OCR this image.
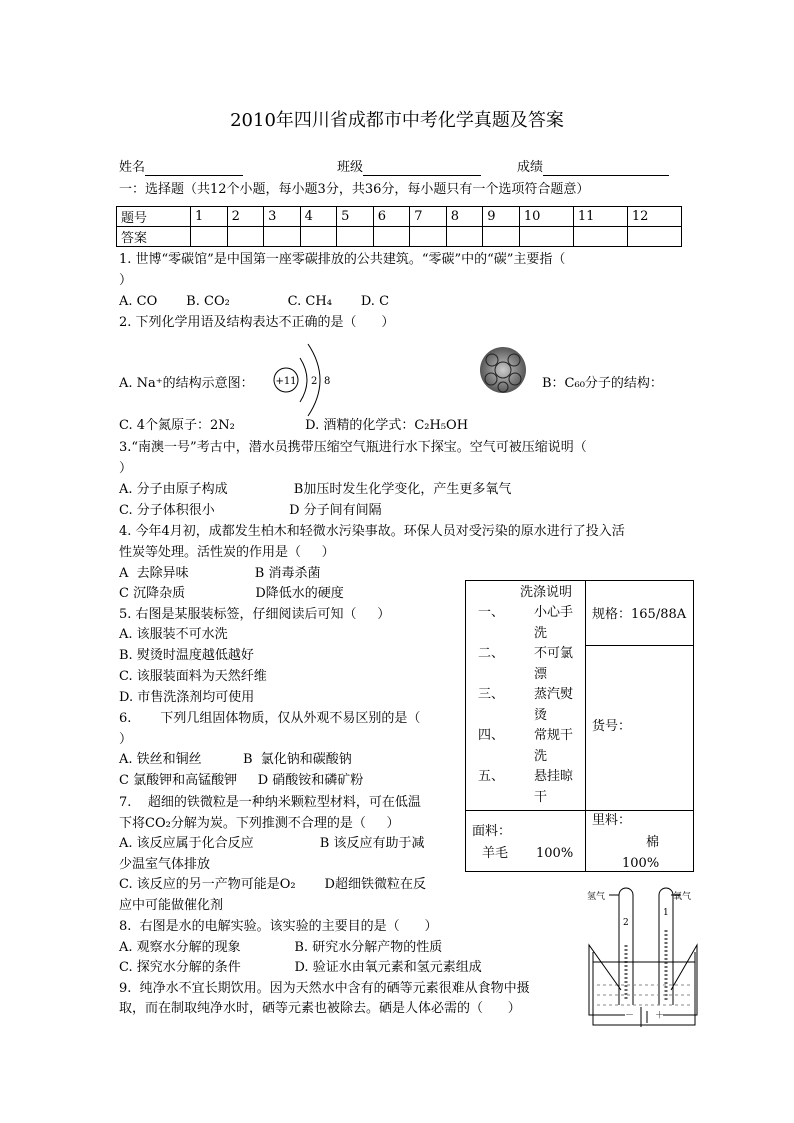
2010年四川省成都市中考化学真题及答案
姓名	班级	成绩
一：选择题（共12个小题，每小题3分，共36分，每小题只有一个选项符合题意）
题号	1	2	3	4	5	6	7	8	9	10	11	12
答案												
1. 世博“零碳馆”是中国第一座零碳排放的公共建筑。“零碳”中的“碳”主要指（
）
A. CO       B. CO₂              C. CH₄       D. C
2. 下列化学用语及结构表达不正确的是（      ）
A. Na⁺的结构示意图：	B：C₆₀分子的结构：
C. 4个氮原子：2N₂                 D. 酒精的化学式：C₂H₅OH
3.“南澳一号”考古中，潜水员携带压缩空气瓶进行水下探宝。空气可被压缩说明（
）
A. 分子由原子构成                B加压时发生化学变化，产生更多氧气
C. 分子体积很小                  D 分子间有间隔
4. 今年4月初，成都发生柏木和轻微水污染事故。环保人员对受污染的原水进行了投入活
性炭等处理。活性炭的作用是（     ）
A  去除异味                B 消毒杀菌
C 沉降杂质                 D降低水的硬度
5. 右图是某服装标签，仔细阅读后可知（     ）
A. 该服装不可水洗
B. 熨烫时温度越低越好
C. 该服装面料为天然纤维
D. 市售洗涤剂均可使用
6.       下列几组固体物质，仅从外观不易区别的是（
）
A. 铁丝和铜丝          B  氯化钠和碳酸钠
C 氯酸钾和高锰酸钾     D 硝酸铵和磷矿粉
7.    超细的铁微粒是一种纳米颗粒型材料，可在低温
下将CO₂分解为炭。下列推测不合理的是（     ）
A. 该反应属于化合反应                B 该反应有助于减
少温室气体排放
C. 该反应的另一产物可能是O₂       D超细铁微粒在反
应中可能做催化剂
8.  右图是水的电解实验。该实验的主要目的是（      ）
A. 观察水分解的现象             B. 研究水分解产物的性质
C. 探究水分解的条件             D. 验证水由氧元素和氢元素组成
9.  纯净水不宜长期饮用。因为天然水中含有的硒等元素很难从食物中摄
取，而在制取纯净水时，硒等元素也被除去。硒是人体必需的（      ）
+11 2 8
洗涤说明
一、 小心手
洗
二、 不可氯
漂
三、 蒸汽熨
烫
四、 常规干
洗
五、 悬挂晾
干
规格：165/88A
货号：
面料：
羊毛 100%
里料：
棉
100%
氢气	氧气
2
1
－ ＋
